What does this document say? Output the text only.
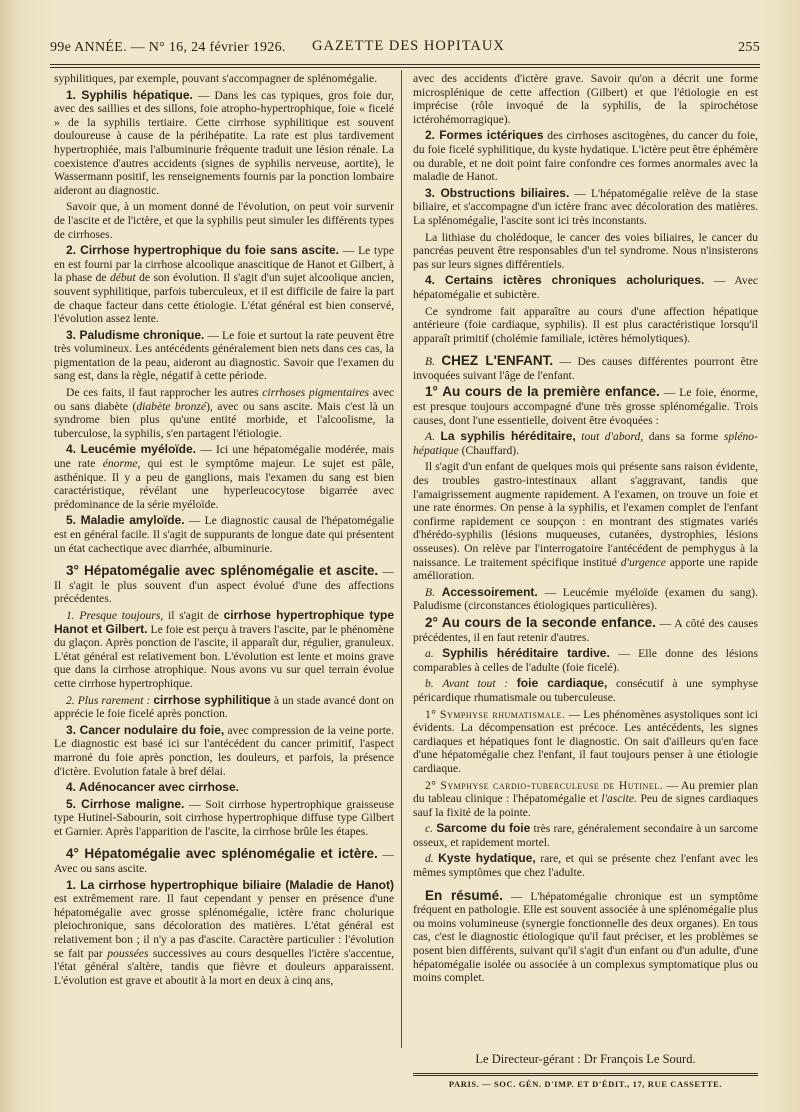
99e ANNÉE. — N° 16, 24 février 1926. GAZETTE DES HOPITAUX	255

syphilitiques, par exemple, pouvant s'accompagner de splénomégalie.

1. Syphilis hépatique. — Dans les cas typiques, gros foie dur, avec des saillies et des sillons, foie atropho-hypertrophique, foie « ficelé » de la syphilis tertiaire. Cette cirrhose syphilitique est souvent douloureuse à cause de la périhépatite. La rate est plus tardivement hypertrophiée, mais l'albuminurie fréquente traduit une lésion rénale. La coexistence d'autres accidents (signes de syphilis nerveuse, aortite), le Wassermann positif, les renseignements fournis par la ponction lombaire aideront au diagnostic.

Savoir que, à un moment donné de l'évolution, on peut voir survenir de l'ascite et de l'ictère, et que la syphilis peut simuler les différents types de cirrhoses.

2. Cirrhose hypertrophique du foie sans ascite. — Le type en est fourni par la cirrhose alcoolique anascitique de Hanot et Gilbert, à la phase de début de son évolution. Il s'agit d'un sujet alcoolique ancien, souvent syphilitique, parfois tuberculeux, et il est difficile de faire la part de chaque facteur dans cette étiologie. L'état général est bien conservé, l'évolution assez lente.

3. Paludisme chronique. — Le foie et surtout la rate peuvent être très volumineux. Les antécédents généralement bien nets dans ces cas, la pigmentation de la peau, aideront au diagnostic. Savoir que l'examen du sang est, dans la règle, négatif à cette période.

De ces faits, il faut rapprocher les autres cirrhoses pigmentaires avec ou sans diabète (diabète bronzé), avec ou sans ascite. Mais c'est là un syndrome bien plus qu'une entité morbide, et l'alcoolisme, la tuberculose, la syphilis, s'en partagent l'étiologie.

4. Leucémie myéloïde. — Ici une hépatomégalie modérée, mais une rate énorme, qui est le symptôme majeur. Le sujet est pâle, asthénique. Il y a peu de ganglions, mais l'examen du sang est bien caractéristique, révélant une hyperleucocytose bigarrée avec prédominance de la série myéloïde.

5. Maladie amyloïde. — Le diagnostic causal de l'hépatomégalie est en général facile. Il s'agit de suppurants de longue date qui présentent un état cachectique avec diarrhée, albuminurie.

3° Hépatomégalie avec splénomégalie et ascite. — Il s'agit le plus souvent d'un aspect évolué d'une des affections précédentes.

1. Presque toujours, il s'agit de cirrhose hypertrophique type Hanot et Gilbert. Le foie est perçu à travers l'ascite, par le phénomène du glaçon. Après ponction de l'ascite, il apparaît dur, régulier, granuleux. L'état général est relativement bon. L'évolution est lente et moins grave que dans la cirrhose atrophique. Nous avons vu sur quel terrain évolue cette cirrhose hypertrophique.

2. Plus rarement : cirrhose syphilitique à un stade avancé dont on apprécie le foie ficelé après ponction.

3. Cancer nodulaire du foie, avec compression de la veine porte. Le diagnostic est basé ici sur l'antécédent du cancer primitif, l'aspect marroné du foie après ponction, les douleurs, et parfois, la présence d'ictère. Evolution fatale à bref délai.

4. Adénocancer avec cirrhose.

5. Cirrhose maligne. — Soit cirrhose hypertrophique graisseuse type Hutinel-Sabourin, soit cirrhose hypertrophique diffuse type Gilbert et Garnier. Après l'apparition de l'ascite, la cirrhose brûle les étapes.

4° Hépatomégalie avec splénomégalie et ictère. — Avec ou sans ascite.

1. La cirrhose hypertrophique biliaire (Maladie de Hanot) est extrêmement rare. Il faut cependant y penser en présence d'une hépatomégalie avec grosse splénomégalie, ictère franc cholurique pleiochronique, sans décoloration des matières. L'état général est relativement bon ; il n'y a pas d'ascite. Caractère particulier : l'évolution se fait par poussées successives au cours desquelles l'ictère s'accentue, l'état général s'altère, tandis que fièvre et douleurs apparaissent. L'évolution est grave et aboutit à la mort en deux à cinq ans,

avec des accidents d'ictère grave. Savoir qu'on a décrit une forme microsplénique de cette affection (Gilbert) et que l'étiologie en est imprécise (rôle invoqué de la syphilis, de la spirochétose ictérohémorragique).

2. Formes ictériques des cirrhoses ascitogènes, du cancer du foie, du foie ficelé syphilitique, du kyste hydatique. L'ictère peut être éphémère ou durable, et ne doit point faire confondre ces formes anormales avec la maladie de Hanot.

3. Obstructions biliaires. — L'hépatomégalie relève de la stase biliaire, et s'accompagne d'un ictère franc avec décoloration des matières. La splénomégalie, l'ascite sont ici très inconstants.

La lithiase du cholédoque, le cancer des voies biliaires, le cancer du pancréas peuvent être responsables d'un tel syndrome. Nous n'insisterons pas sur leurs signes différentiels.

4. Certains ictères chroniques acholuriques. — Avec hépatomégalie et subictère.

Ce syndrome fait apparaître au cours d'une affection hépatique antérieure (foie cardiaque, syphilis). Il est plus caractéristique lorsqu'il apparaît primitif (cholémie familiale, ictères hémolytiques).

B. CHEZ L'ENFANT. — Des causes différentes pourront être invoquées suivant l'âge de l'enfant.

1° Au cours de la première enfance. — Le foie, énorme, est presque toujours accompagné d'une très grosse splénomégalie. Trois causes, dont l'une essentielle, doivent être évoquées :

A. La syphilis héréditaire, tout d'abord, dans sa forme spléno-hépatique (Chauffard).

Il s'agit d'un enfant de quelques mois qui présente sans raison évidente, des troubles gastro-intestinaux allant s'aggravant, tandis que l'amaigrissement augmente rapidement. A l'examen, on trouve un foie et une rate énormes. On pense à la syphilis, et l'examen complet de l'enfant confirme rapidement ce soupçon : en montrant des stigmates variés d'hérédo-syphilis (lésions muqueuses, cutanées, dystrophies, lésions osseuses). On relève par l'interrogatoire l'antécédent de pemphygus à la naissance. Le traitement spécifique institué d'urgence apporte une rapide amélioration.

B. Accessoirement. — Leucémie myéloïde (examen du sang). Paludisme (circonstances étiologiques particulières).

2° Au cours de la seconde enfance. — A côté des causes précédentes, il en faut retenir d'autres.

a. Syphilis héréditaire tardive. — Elle donne des lésions comparables à celles de l'adulte (foie ficelé).

b. Avant tout : foie cardiaque, consécutif à une symphyse péricardique rhumatismale ou tuberculeuse.

1° Symphyse rhumatismale. — Les phénomènes asystoliques sont ici évidents. La décompensation est précoce. Les antécédents, les signes cardiaques et hépatiques font le diagnostic. On sait d'ailleurs qu'en face d'une hépatomégalie chez l'enfant, il faut toujours penser à une étiologie cardiaque.

2° Symphyse cardio-tuberculeuse de Hutinel. — Au premier plan du tableau clinique : l'hépatomégalie et l'ascite. Peu de signes cardiaques sauf la fixité de la pointe.

c. Sarcome du foie très rare, généralement secondaire à un sarcome osseux, et rapidement mortel.

d. Kyste hydatique, rare, et qui se présente chez l'enfant avec les mêmes symptômes que chez l'adulte.

En résumé. — L'hépatomégalie chronique est un symptôme fréquent en pathologie. Elle est souvent associée à une splénomégalie plus ou moins volumineuse (synergie fonctionnelle des deux organes). En tous cas, c'est le diagnostic étiologique qu'il faut préciser, et les problèmes se posent bien différents, suivant qu'il s'agit d'un enfant ou d'un adulte, d'une hépatomégalie isolée ou associée à un complexus symptomatique plus ou moins complet.

Le Directeur-gérant : Dr François Le Sourd.
PARIS. — SOC. GÉN. D'IMP. ET D'ÉDIT., 17, RUE CASSETTE.
